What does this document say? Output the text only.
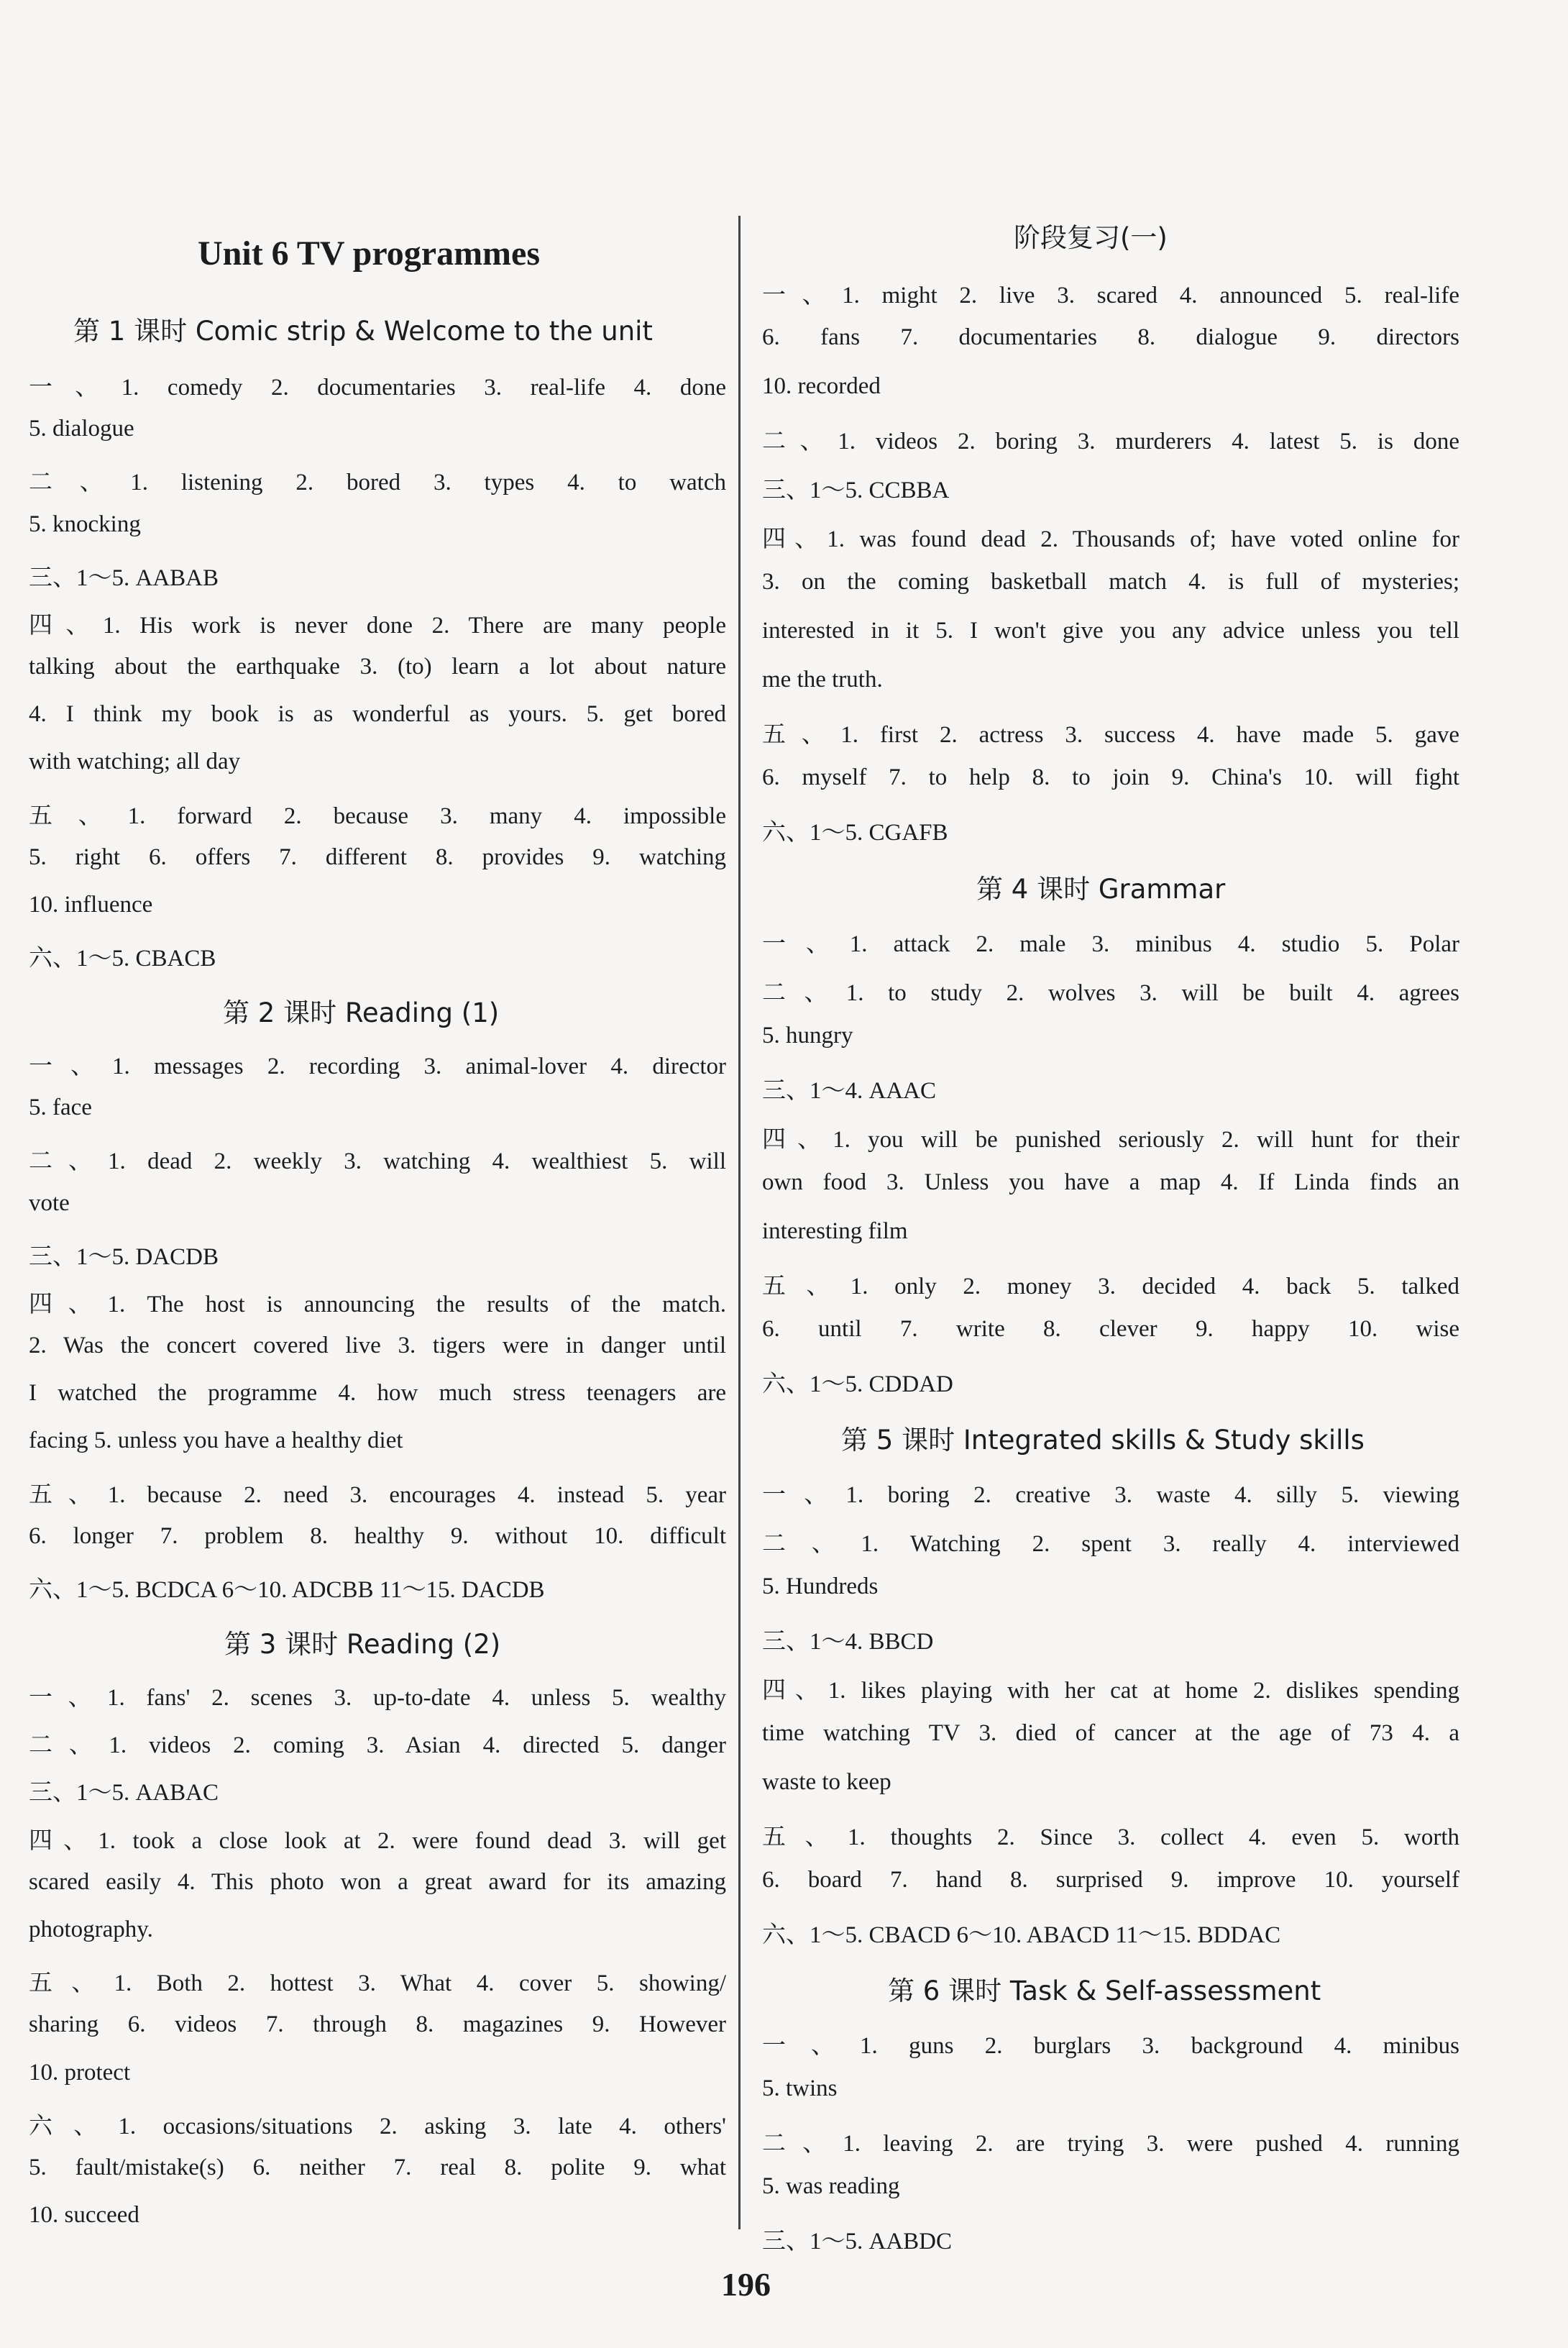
Unit 6 TV programmes
第 1 课时 Comic strip & Welcome to the unit
一、1. comedy 2. documentaries 3. real-life 4. done
5. dialogue
二、1. listening 2. bored 3. types 4. to watch
5. knocking
三、1～5. AABAB
四、1. His work is never done 2. There are many people
talking about the earthquake 3. (to) learn a lot about nature
4. I think my book is as wonderful as yours. 5. get bored
with watching; all day
五、1. forward 2. because 3. many 4. impossible
5. right 6. offers 7. different 8. provides 9. watching
10. influence
六、1～5. CBACB
第 2 课时 Reading (1)
一、1. messages 2. recording 3. animal-lover 4. director
5. face
二、1. dead 2. weekly 3. watching 4. wealthiest 5. will
vote
三、1～5. DACDB
四、1. The host is announcing the results of the match.
2. Was the concert covered live 3. tigers were in danger until
I watched the programme 4. how much stress teenagers are
facing 5. unless you have a healthy diet
五、1. because 2. need 3. encourages 4. instead 5. year
6. longer 7. problem 8. healthy 9. without 10. difficult
六、1～5. BCDCA 6～10. ADCBB 11～15. DACDB
第 3 课时 Reading (2)
一、1. fans' 2. scenes 3. up-to-date 4. unless 5. wealthy
二、1. videos 2. coming 3. Asian 4. directed 5. danger
三、1～5. AABAC
四、1. took a close look at 2. were found dead 3. will get
scared easily 4. This photo won a great award for its amazing
photography.
五、1. Both 2. hottest 3. What 4. cover 5. showing/
sharing 6. videos 7. through 8. magazines 9. However
10. protect
六、1. occasions/situations 2. asking 3. late 4. others'
5. fault/mistake(s) 6. neither 7. real 8. polite 9. what
10. succeed
阶段复习(一)
一、1. might 2. live 3. scared 4. announced 5. real-life
6. fans 7. documentaries 8. dialogue 9. directors
10. recorded
二、1. videos 2. boring 3. murderers 4. latest 5. is done
三、1～5. CCBBA
四、1. was found dead 2. Thousands of; have voted online for
3. on the coming basketball match 4. is full of mysteries;
interested in it 5. I won't give you any advice unless you tell
me the truth.
五、1. first 2. actress 3. success 4. have made 5. gave
6. myself 7. to help 8. to join 9. China's 10. will fight
六、1～5. CGAFB
第 4 课时 Grammar
一、1. attack 2. male 3. minibus 4. studio 5. Polar
二、1. to study 2. wolves 3. will be built 4. agrees
5. hungry
三、1～4. AAAC
四、1. you will be punished seriously 2. will hunt for their
own food 3. Unless you have a map 4. If Linda finds an
interesting film
五、1. only 2. money 3. decided 4. back 5. talked
6. until 7. write 8. clever 9. happy 10. wise
六、1～5. CDDAD
第 5 课时 Integrated skills & Study skills
一、1. boring 2. creative 3. waste 4. silly 5. viewing
二、1. Watching 2. spent 3. really 4. interviewed
5. Hundreds
三、1～4. BBCD
四、1. likes playing with her cat at home 2. dislikes spending
time watching TV 3. died of cancer at the age of 73 4. a
waste to keep
五、1. thoughts 2. Since 3. collect 4. even 5. worth
6. board 7. hand 8. surprised 9. improve 10. yourself
六、1～5. CBACD 6～10. ABACD 11～15. BDDAC
第 6 课时 Task & Self-assessment
一、1. guns 2. burglars 3. background 4. minibus
5. twins
二、1. leaving 2. are trying 3. were pushed 4. running
5. was reading
三、1～5. AABDC
196
